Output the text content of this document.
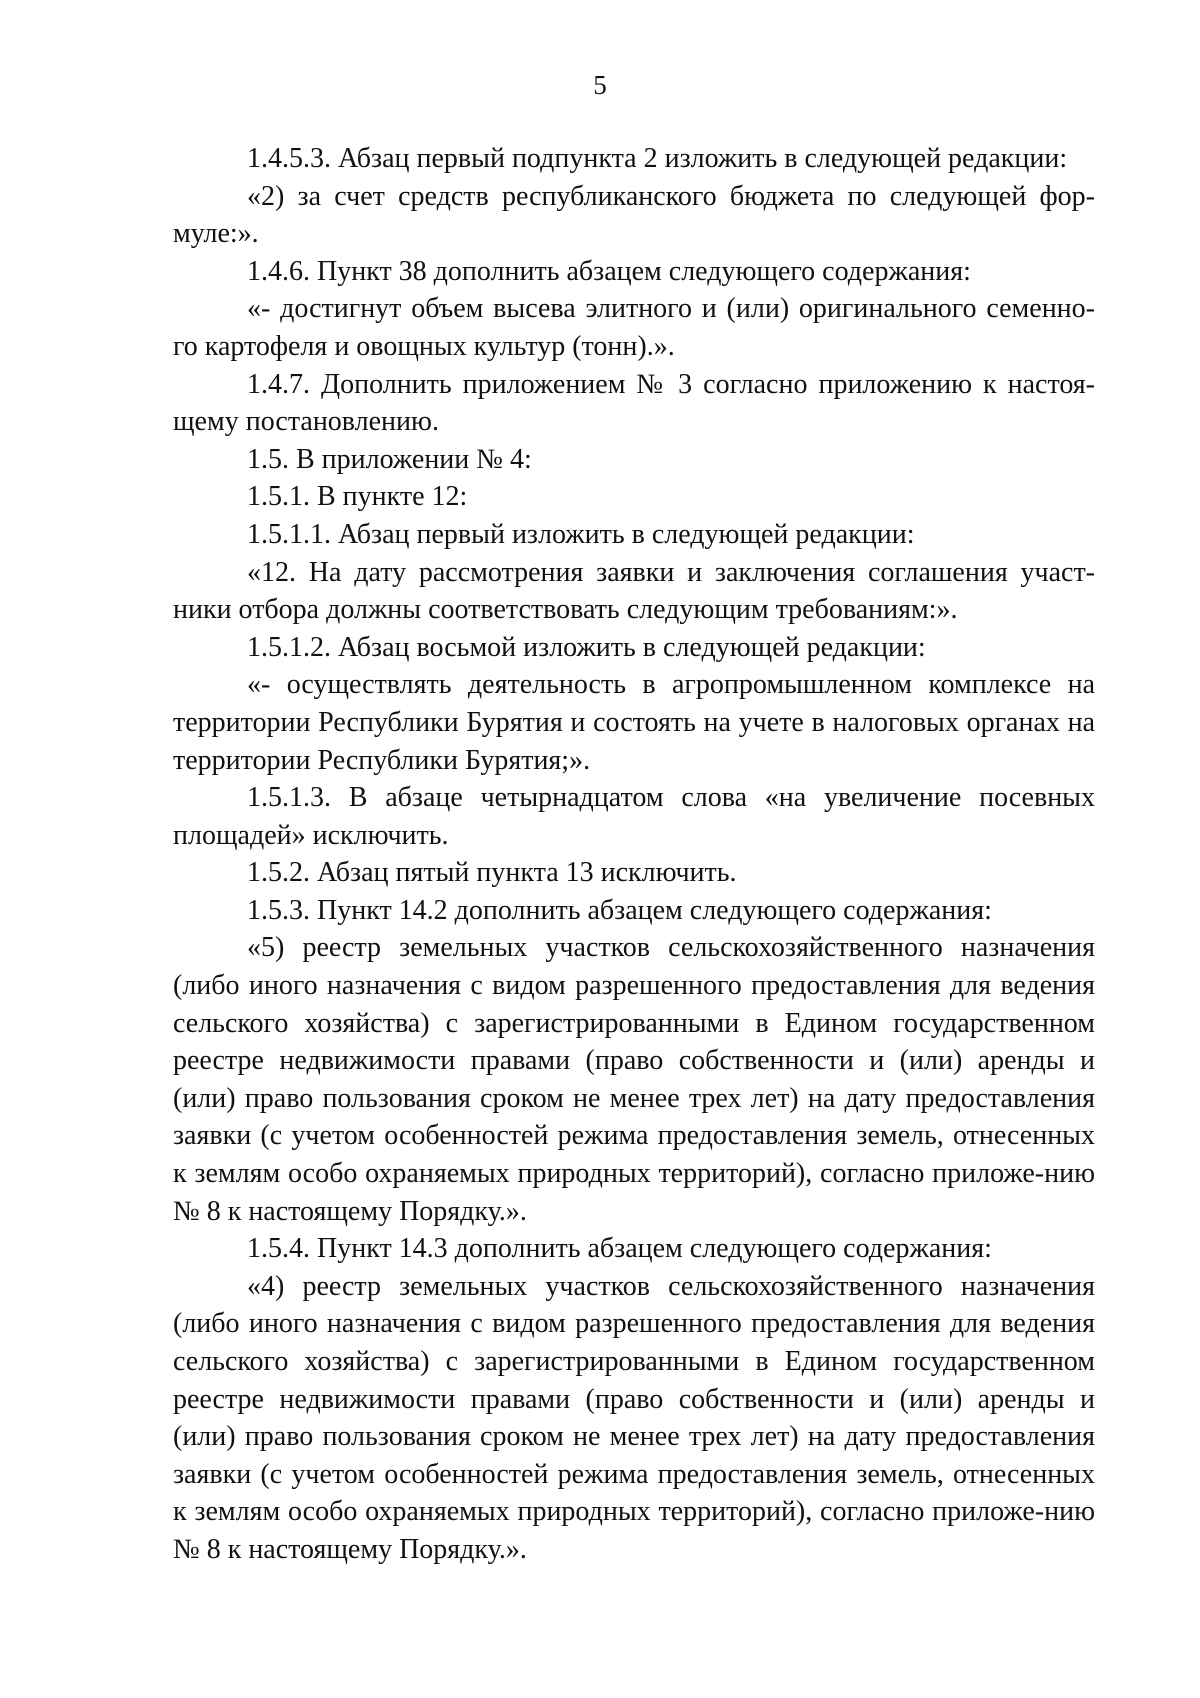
5

1.4.5.3. Абзац первый подпункта 2 изложить в следующей редакции:

«2) за счет средств республиканского бюджета по следующей фор-муле:».

1.4.6. Пункт 38 дополнить абзацем следующего содержания:

«- достигнут объем высева элитного и (или) оригинального семенно-го картофеля и овощных культур (тонн).».

1.4.7. Дополнить приложением № 3 согласно приложению к настоя-щему постановлению.

1.5. В приложении № 4:

1.5.1. В пункте 12:

1.5.1.1. Абзац первый изложить в следующей редакции:

«12. На дату рассмотрения заявки и заключения соглашения участ-ники отбора должны соответствовать следующим требованиям:».

1.5.1.2. Абзац восьмой изложить в следующей редакции:

«- осуществлять деятельность в агропромышленном комплексе на территории Республики Бурятия и состоять на учете в налоговых органах на территории Республики Бурятия;».

1.5.1.3. В абзаце четырнадцатом слова «на увеличение посевных площадей» исключить.

1.5.2. Абзац пятый пункта 13 исключить.

1.5.3. Пункт 14.2 дополнить абзацем следующего содержания:

«5) реестр земельных участков сельскохозяйственного назначения (либо иного назначения с видом разрешенного предоставления для ведения сельского хозяйства) с зарегистрированными в Едином государственном реестре недвижимости правами (право собственности и (или) аренды и (или) право пользования сроком не менее трех лет) на дату предоставления заявки (с учетом особенностей режима предоставления земель, отнесенных к землям особо охраняемых природных территорий), согласно приложе-нию № 8 к настоящему Порядку.».

1.5.4. Пункт 14.3 дополнить абзацем следующего содержания:

«4) реестр земельных участков сельскохозяйственного назначения (либо иного назначения с видом разрешенного предоставления для ведения сельского хозяйства) с зарегистрированными в Едином государственном реестре недвижимости правами (право собственности и (или) аренды и (или) право пользования сроком не менее трех лет) на дату предоставления заявки (с учетом особенностей режима предоставления земель, отнесенных к землям особо охраняемых природных территорий), согласно приложе-нию № 8 к настоящему Порядку.».
